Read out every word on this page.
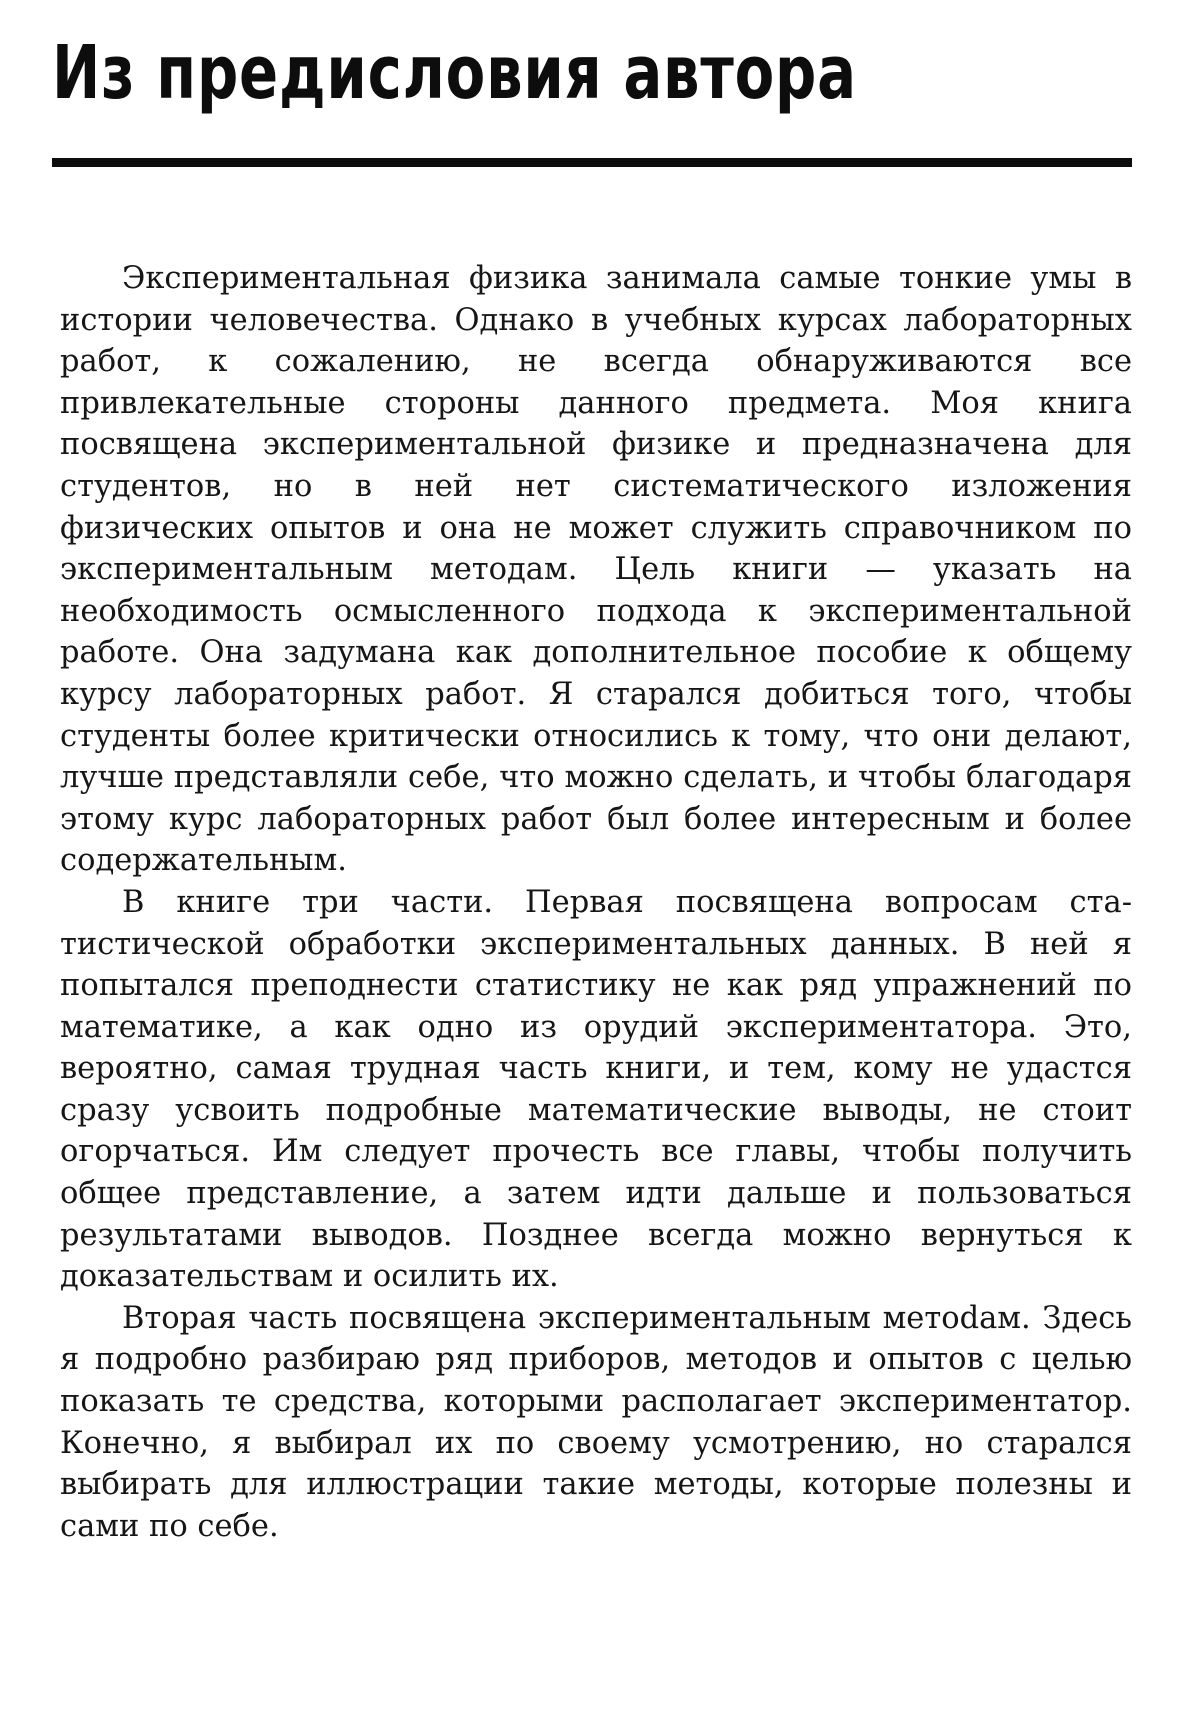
Из предисловия автора

Экспериментальная физика занимала самые тонкие умы в истории человечества. Однако в учебных курсах лабораторных работ, к сожалению, не всегда обнаруживаются все привлекательные стороны данного предмета. Моя книга посвящена экспериментальной физике и предназначена для студентов, но в ней нет систематического изложения физических опытов и она не может служить справочником по экспериментальным методам. Цель книги — указать на необходимость осмысленного подхода к экспериментальной работе. Она задумана как дополнительное пособие к общему курсу лабораторных работ. Я старался добиться того, чтобы студенты более критически относились к тому, что они делают, лучше представляли себе, что можно сделать, и чтобы благодаря этому курс лабораторных работ был более интересным и более содержательным.

В книге три части. Первая посвящена вопросам статистической обработки экспериментальных данных. В ней я попытался преподнести статистику не как ряд упражнений по математике, а как одно из орудий экспериментатора. Это, вероятно, самая трудная часть книги, и тем, кому не удастся сразу усвоить подробные математические выводы, не стоит огорчаться. Им следует прочесть все главы, чтобы получить общее представление, а затем идти дальше и пользоваться результатами выводов. Позднее всегда можно вернуться к доказательствам и осилить их.

Вторая часть посвящена экспериментальным метоdам. Здесь я подробно разбираю ряд приборов, методов и опытов с целью показать те средства, которыми располагает экспериментатор. Конечно, я выбирал их по своему усмотрению, но старался выбирать для иллюстрации такие методы, которые полезны и сами по себе.
